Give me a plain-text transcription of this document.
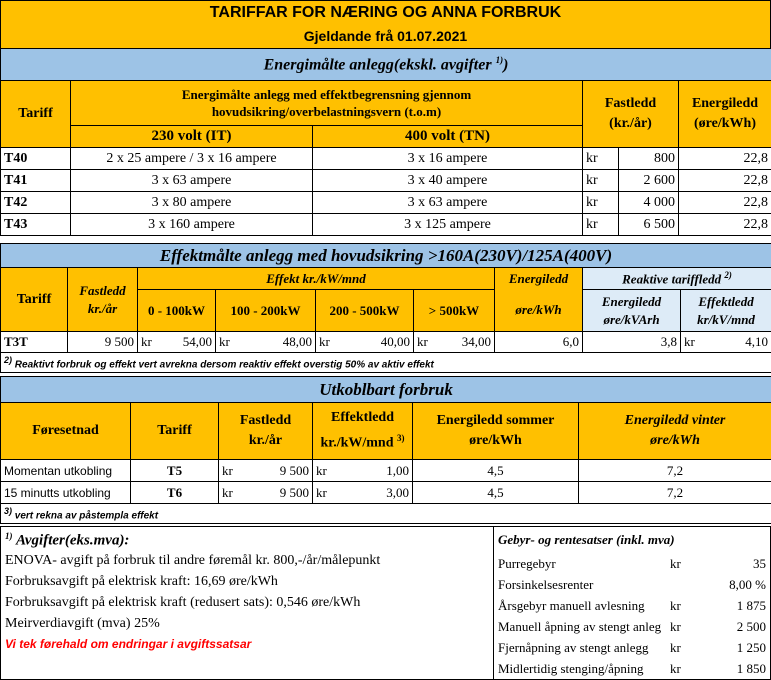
TARIFFAR FOR NÆRING OG ANNA FORBRUK
Gjeldande frå 01.07.2021
Energimålte anlegg(ekskl. avgifter $^{1)}$)					
Tariff	Energimålte anlegg med effektbegrensning gjennom
hovudsikring/overbelastningsvern (t.o.m)		Fastledd
(kr./år)		Energiledd
(øre/kWh)
	230 volt (IT)	400 volt (TN)			
T40	2 x 25 ampere / 3 x 16 ampere	3 x 16 ampere	kr	800	22,8
T41	3 x 63 ampere	3 x 40 ampere	kr	2 600	22,8
T42	3 x 80 ampere	3 x 63 ampere	kr	4 000	22,8
T43	3 x 160 ampere	3 x 125 ampere	kr	6 500	22,8
Effektmålte anlegg med hovudsikring >160A(230V)/125A(400V)								
Tariff	Fastledd
kr./år	Effekt kr./kW/mnd				Energiledd	Reaktive tariffledd $^{2)}$
		0 - 100kW	100 - 200kW	200 - 500kW	> 500kW	øre/kWh	Energiledd
øre/kVArh	Effektledd
kr/kV/mnd
T3T	9 500	kr 54,00	kr 48,00	kr 40,00	kr 34,00	6,0	3,8	kr 4,10

$^{2)}$ Reaktivt forbruk og effekt vert avrekna dersom reaktiv effekt overstig 50% av aktiv effekt								
Utkoblbart forbruk					
Føresetnad	Tariff	Fastledd
kr./år	Effektledd
kr./kW/mnd $^{3)}$	Energiledd sommer
øre/kWh	Energiledd vinter
øre/kWh
Momentan utkobling	T5	kr 9 500	kr 1,00	4,5	7,2
15 minutts utkobling	T6	kr 9 500	kr 3,00	4,5	7,2
$^{3)}$ vert rekna av påstempla effekt					
$^{1)}$ Avgifter(eks.mva):
ENOVA- avgift på forbruk til andre føremål kr. 800,-/år/målepunkt
Forbruksavgift på elektrisk kraft: 16,69 øre/kWh
Forbruksavgift på elektrisk kraft (redusert sats): 0,546 øre/kWh
Meirverdiavgift (mva) 25%
Vi tek førehald om endringar i avgiftssatsar
Gebyr- og rentesatser (inkl. mva)		
Purregebyr	kr	35
Forsinkelsesrenter		8,00 %
Årsgebyr manuell avlesning	kr	1 875
Manuell åpning av stengt anleg	kr	2 500
Fjernåpning av stengt anlegg	kr	1 250
Midlertidig stenging/åpning	kr	1 850
